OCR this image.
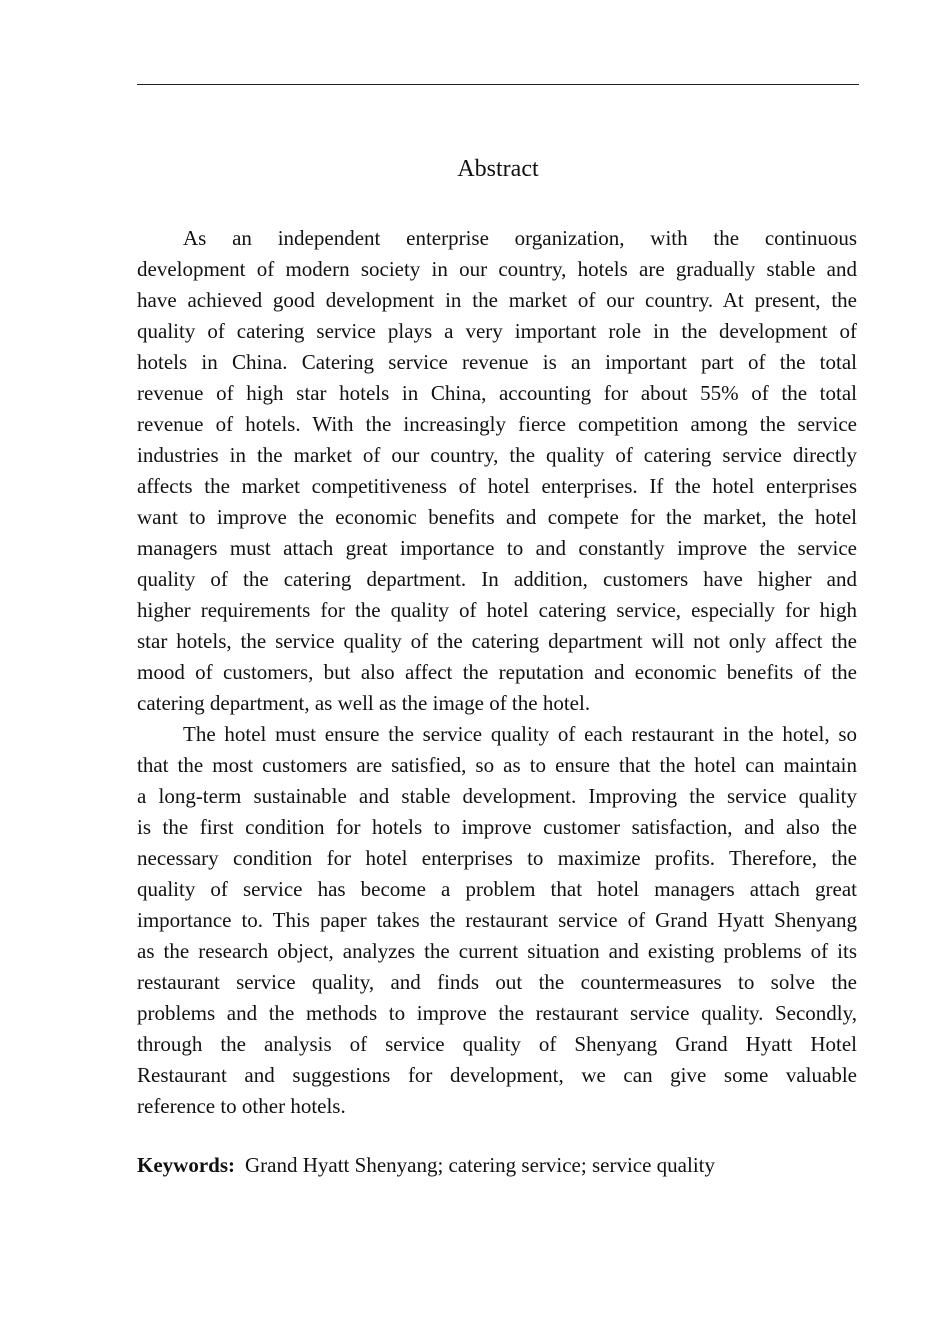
Abstract
As an independent enterprise organization, with the continuous
development of modern society in our country, hotels are gradually stable and
have achieved good development in the market of our country. At present, the
quality of catering service plays a very important role in the development of
hotels in China. Catering service revenue is an important part of the total
revenue of high star hotels in China, accounting for about 55% of the total
revenue of hotels. With the increasingly fierce competition among the service
industries in the market of our country, the quality of catering service directly
affects the market competitiveness of hotel enterprises. If the hotel enterprises
want to improve the economic benefits and compete for the market, the hotel
managers must attach great importance to and constantly improve the service
quality of the catering department. In addition, customers have higher and
higher requirements for the quality of hotel catering service, especially for high
star hotels, the service quality of the catering department will not only affect the
mood of customers, but also affect the reputation and economic benefits of the
catering department, as well as the image of the hotel.
The hotel must ensure the service quality of each restaurant in the hotel, so
that the most customers are satisfied, so as to ensure that the hotel can maintain
a long-term sustainable and stable development. Improving the service quality
is the first condition for hotels to improve customer satisfaction, and also the
necessary condition for hotel enterprises to maximize profits. Therefore, the
quality of service has become a problem that hotel managers attach great
importance to. This paper takes the restaurant service of Grand Hyatt Shenyang
as the research object, analyzes the current situation and existing problems of its
restaurant service quality, and finds out the countermeasures to solve the
problems and the methods to improve the restaurant service quality. Secondly,
through the analysis of service quality of Shenyang Grand Hyatt Hotel
Restaurant and suggestions for development, we can give some valuable
reference to other hotels.
Keywords: Grand Hyatt Shenyang; catering service; service quality
